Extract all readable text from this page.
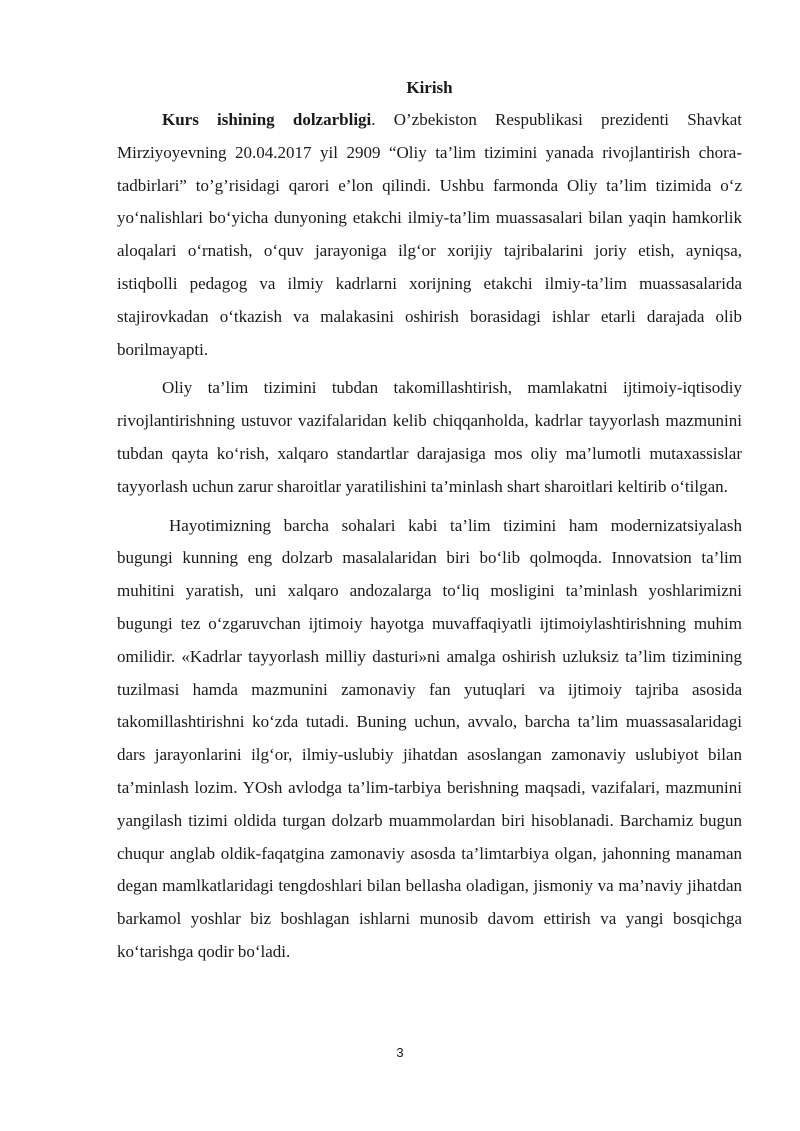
Kirish

Kurs ishining dolzarbligi. O’zbekiston Respublikasi prezidenti Shavkat Mirziyoyevning 20.04.2017 yil 2909 “Oliy ta’lim tizimini yanada rivojlantirish chora-tadbirlari” to’g’risidagi qarori e’lon qilindi. Ushbu farmonda Oliy ta’lim tizimida o‘z yo‘nalishlari bo‘yicha dunyoning etakchi ilmiy-ta’lim muassasalari bilan yaqin hamkorlik aloqalari o‘rnatish, o‘quv jarayoniga ilg‘or xorijiy tajribalarini joriy etish, ayniqsa, istiqbolli pedagog va ilmiy kadrlarni xorijning etakchi ilmiy-ta’lim muassasalarida stajirovkadan o‘tkazish va malakasini oshirish borasidagi ishlar etarli darajada olib borilmayapti.

Oliy ta’lim tizimini tubdan takomillashtirish, mamlakatni ijtimoiy-iqtisodiy rivojlantirishning ustuvor vazifalaridan kelib chiqqanholda, kadrlar tayyorlash mazmunini tubdan qayta ko‘rish, xalqaro standartlar darajasiga mos oliy ma’lumotli mutaxassislar tayyorlash uchun zarur sharoitlar yaratilishini ta’minlash shart sharoitlari keltirib o‘tilgan.

Hayotimizning barcha sohalari kabi ta’lim tizimini ham modernizatsiyalash bugungi kunning eng dolzarb masalalaridan biri bo‘lib qolmoqda. Innovatsion ta’lim muhitini yaratish, uni xalqaro andozalarga to‘liq mosligini ta’minlash yoshlarimizni bugungi tez o‘zgaruvchan ijtimoiy hayotga muvaffaqiyatli ijtimoiylashtirishning muhim omilidir. «Kadrlar tayyorlash milliy dasturi»ni amalga oshirish uzluksiz ta’lim tizimining tuzilmasi hamda mazmunini zamonaviy fan yutuqlari va ijtimoiy tajriba asosida takomillashtirishni ko‘zda tutadi. Buning uchun, avvalo, barcha ta’lim muassasalaridagi dars jarayonlarini ilg‘or, ilmiy-uslubiy jihatdan asoslangan zamonaviy uslubiyot bilan ta’minlash lozim. YOsh avlodga ta’lim-tarbiya berishning maqsadi, vazifalari, mazmunini yangilash tizimi oldida turgan dolzarb muammolardan biri hisoblanadi. Barchamiz bugun chuqur anglab oldik-faqatgina zamonaviy asosda ta’limtarbiya olgan, jahonning manaman degan mamlkatlaridagi tengdoshlari bilan bellasha oladigan, jismoniy va ma’naviy jihatdan barkamol yoshlar biz boshlagan ishlarni munosib davom ettirish va yangi bosqichga ko‘tarishga qodir bo‘ladi.

3
